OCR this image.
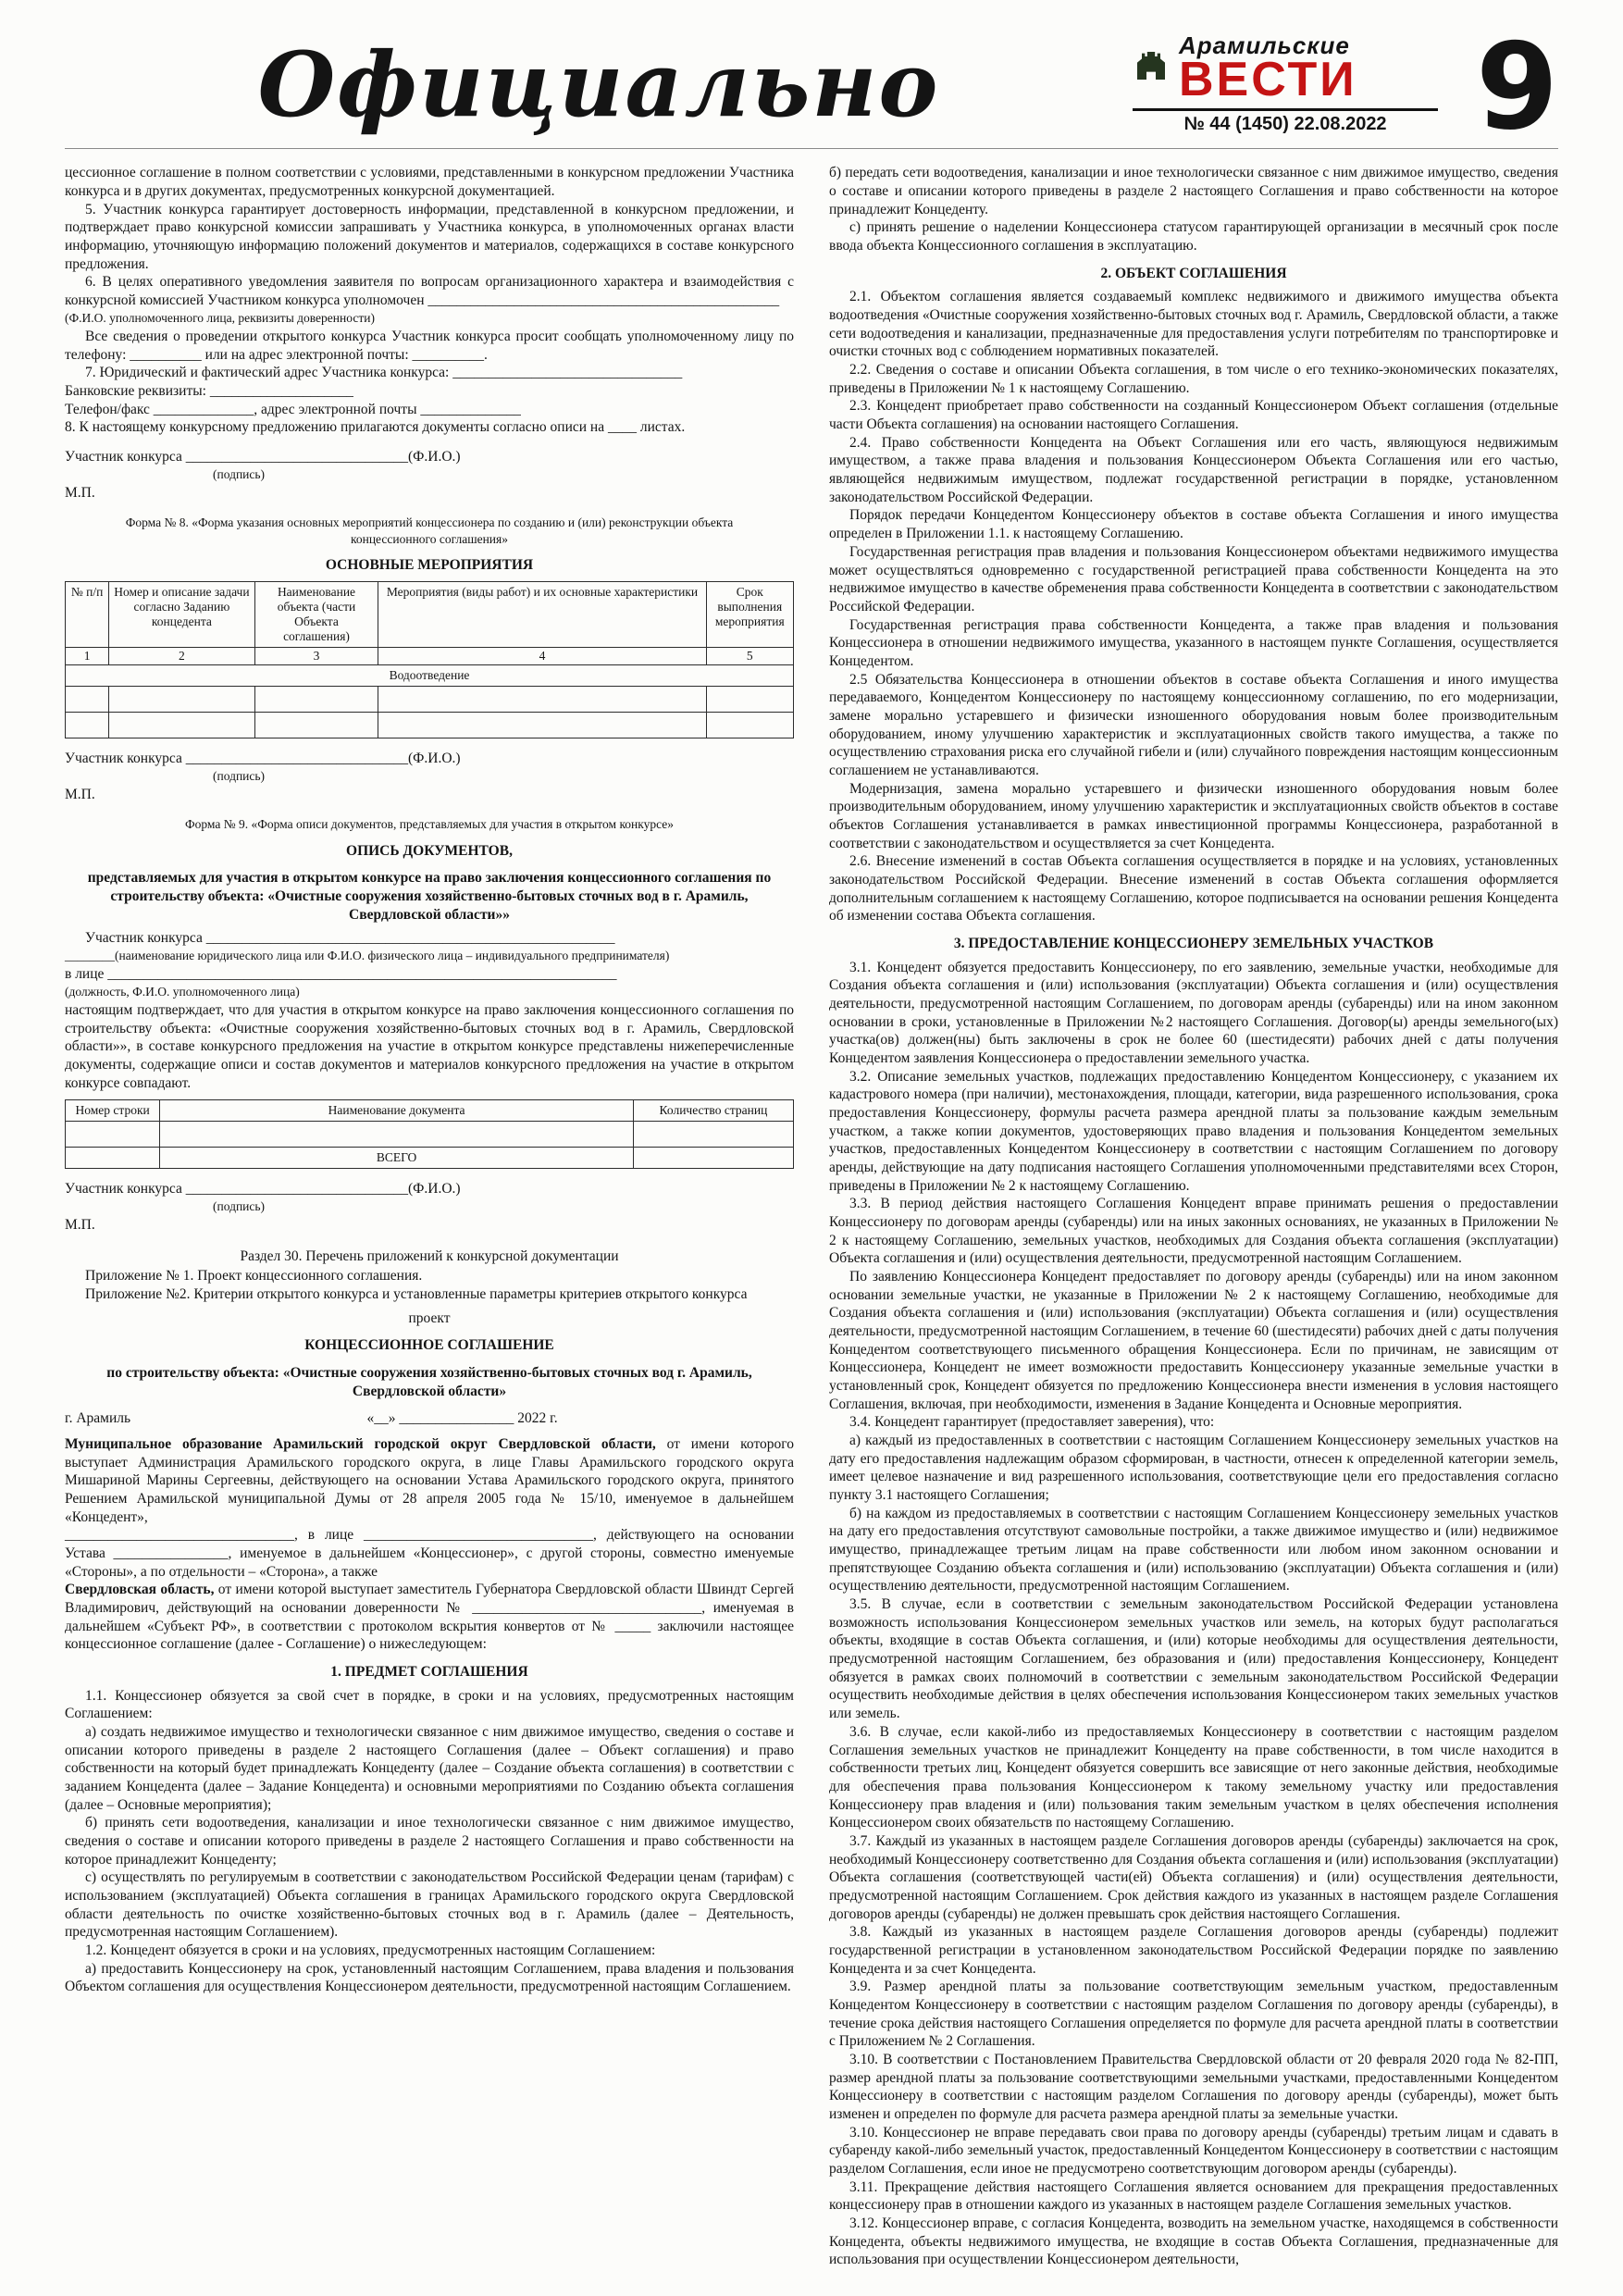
Официально	Арамильские
ВЕСТИ
№ 44 (1450) 22.08.2022 9

цессионное соглашение в полном соответствии с условиями, представленными в конкурсном предложении Участника конкурса и в других документах, предусмотренных конкурсной документацией.

5. Участник конкурса гарантирует достоверность информации, представленной в конкурсном предложении, и подтверждает право конкурсной комиссии запрашивать у Участника конкурса, в уполномоченных органах власти информацию, уточняющую информацию положений документов и материалов, содержащихся в составе конкурсного предложения.

6. В целях оперативного уведомления заявителя по вопросам организационного характера и взаимодействия с конкурсной комиссией Участником конкурса уполномочен _________________________________________________

(Ф.И.О. уполномоченного лица, реквизиты доверенности)

Все сведения о проведении открытого конкурса Участник конкурса просит сообщать уполномоченному лицу по телефону: __________ или на адрес электронной почты: __________.

7. Юридический и фактический адрес Участника конкурса: ________________________________

Банковские реквизиты: ____________________

Телефон/факс ______________, адрес электронной почты ______________

8. К настоящему конкурсному предложению прилагаются документы согласно описи на ____ листах.

Участник конкурса _______________________________(Ф.И.О.)
(подпись)
М.П.

Форма № 8. «Форма указания основных мероприятий концессионера по созданию и (или) реконструкции объекта концессионного соглашения»

ОСНОВНЫЕ МЕРОПРИЯТИЯ

№ п/п	Номер и описание задачи согласно Заданию концедента	Наименование объекта (части Объекта соглашения)	Мероприятия (виды работ) и их основные характеристики	Срок выполнения мероприятия
1	2	3	4	5
Водоотведение				

Участник конкурса _______________________________(Ф.И.О.)
(подпись)
М.П.

Форма № 9. «Форма описи документов, представляемых для участия в открытом конкурсе»

ОПИСЬ ДОКУМЕНТОВ,

представляемых для участия в открытом конкурсе на право заключения концессионного соглашения по строительству объекта: «Очистные сооружения хозяйственно-бытовых сточных вод в г. Арамиль, Свердловской области»»

Участник конкурса _________________________________________________________

________(наименование юридического лица или Ф.И.О. физического лица – индивидуального предпринимателя)

в лице _______________________________________________________________________

(должность, Ф.И.О. уполномоченного лица)

настоящим подтверждает, что для участия в открытом конкурсе на право заключения концессионного соглашения по строительству объекта: «Очистные сооружения хозяйственно-бытовых сточных вод в г. Арамиль, Свердловской области»», в составе конкурсного предложения на участие в открытом конкурсе представлены нижеперечисленные документы, содержащие описи и состав документов и материалов конкурсного предложения на участие в открытом конкурсе совпадают.

Номер строки	Наименование документа	Количество страниц

	ВСЕГО	
Участник конкурса _______________________________(Ф.И.О.)
(подпись)
М.П.

Раздел 30. Перечень приложений к конкурсной документации

Приложение № 1. Проект концессионного соглашения.

Приложение №2. Критерии открытого конкурса и установленные параметры критериев открытого конкурса

проект

КОНЦЕССИОННОЕ СОГЛАШЕНИЕ

по строительству объекта: «Очистные сооружения хозяйственно-бытовых сточных вод г. Арамиль, Свердловской области»

г. Арамиль	«__» ________________ 2022 г.

Муниципальное образование Арамильский городской округ Свердловской области, от имени которого выступает Администрация Арамильского городского округа, в лице Главы Арамильского городского округа Мишариной Марины Сергеевны, действующего на основании Устава Арамильского городского округа, принятого Решением Арамильской муниципальной Думы от 28 апреля 2005 года № 15/10, именуемое в дальнейшем «Концедент»,

________________________________, в лице ________________________________, действующего на основании Устава ________________, именуемое в дальнейшем «Концессионер», с другой стороны, совместно именуемые «Стороны», а по отдельности – «Сторона», а также

Свердловская область, от имени которой выступает заместитель Губернатора Свердловской области Швиндт Сергей Владимирович, действующий на основании доверенности № ________________________________, именуемая в дальнейшем «Субъект РФ», в соответствии с протоколом вскрытия конвертов от № _____ заключили настоящее концессионное соглашение (далее - Соглашение) о нижеследующем:

1. ПРЕДМЕТ СОГЛАШЕНИЯ

1.1. Концессионер обязуется за свой счет в порядке, в сроки и на условиях, предусмотренных настоящим Соглашением:

а) создать недвижимое имущество и технологически связанное с ним движимое имущество, сведения о составе и описании которого приведены в разделе 2 настоящего Соглашения (далее – Объект соглашения) и право собственности на который будет принадлежать Концеденту (далее – Создание объекта соглашения) в соответствии с заданием Концедента (далее – Задание Концедента) и основными мероприятиями по Созданию объекта соглашения (далее – Основные мероприятия);

б) принять сети водоотведения, канализации и иное технологически связанное с ним движимое имущество, сведения о составе и описании которого приведены в разделе 2 настоящего Соглашения и право собственности на которое принадлежит Концеденту;

с) осуществлять по регулируемым в соответствии с законодательством Российской Федерации ценам (тарифам) с использованием (эксплуатацией) Объекта соглашения в границах Арамильского городского округа Свердловской области деятельность по очистке хозяйственно-бытовых сточных вод в г. Арамиль (далее – Деятельность, предусмотренная настоящим Соглашением).

1.2. Концедент обязуется в сроки и на условиях, предусмотренных настоящим Соглашением:

а) предоставить Концессионеру на срок, установленный настоящим Соглашением, права владения и пользования Объектом соглашения для осуществления Концессионером деятельности, предусмотренной настоящим Соглашением.

б) передать сети водоотведения, канализации и иное технологически связанное с ним движимое имущество, сведения о составе и описании которого приведены в разделе 2 настоящего Соглашения и право собственности на которое принадлежит Концеденту.

с) принять решение о наделении Концессионера статусом гарантирующей организации в месячный срок после ввода объекта Концессионного соглашения в эксплуатацию.

2. ОБЪЕКТ СОГЛАШЕНИЯ

2.1. Объектом соглашения является создаваемый комплекс недвижимого и движимого имущества объекта водоотведения «Очистные сооружения хозяйственно-бытовых сточных вод г. Арамиль, Свердловской области, а также сети водоотведения и канализации, предназначенные для предоставления услуги потребителям по транспортировке и очистки сточных вод с соблюдением нормативных показателей.

2.2. Сведения о составе и описании Объекта соглашения, в том числе о его технико-экономических показателях, приведены в Приложении № 1 к настоящему Соглашению.

2.3. Концедент приобретает право собственности на созданный Концессионером Объект соглашения (отдельные части Объекта соглашения) на основании настоящего Соглашения.

2.4. Право собственности Концедента на Объект Соглашения или его часть, являющуюся недвижимым имуществом, а также права владения и пользования Концессионером Объекта Соглашения или его частью, являющейся недвижимым имуществом, подлежат государственной регистрации в порядке, установленном законодательством Российской Федерации.

Порядок передачи Концедентом Концессионеру объектов в составе объекта Соглашения и иного имущества определен в Приложении 1.1. к настоящему Соглашению.

Государственная регистрация прав владения и пользования Концессионером объектами недвижимого имущества может осуществляться одновременно с государственной регистрацией права собственности Концедента на это недвижимое имущество в качестве обременения права собственности Концедента в соответствии с законодательством Российской Федерации.

Государственная регистрация права собственности Концедента, а также прав владения и пользования Концессионера в отношении недвижимого имущества, указанного в настоящем пункте Соглашения, осуществляется Концедентом.

2.5 Обязательства Концессионера в отношении объектов в составе объекта Соглашения и иного имущества передаваемого, Концедентом Концессионеру по настоящему концессионному соглашению, по его модернизации, замене морально устаревшего и физически изношенного оборудования новым более производительным оборудованием, иному улучшению характеристик и эксплуатационных свойств такого имущества, а также по осуществлению страхования риска его случайной гибели и (или) случайного повреждения настоящим концессионным соглашением не устанавливаются.

Модернизация, замена морально устаревшего и физически изношенного оборудования новым более производительным оборудованием, иному улучшению характеристик и эксплуатационных свойств объектов в составе объектов Соглашения устанавливается в рамках инвестиционной программы Концессионера, разработанной в соответствии с законодательством и осуществляется за счет Концедента.

2.6. Внесение изменений в состав Объекта соглашения осуществляется в порядке и на условиях, установленных законодательством Российской Федерации. Внесение изменений в состав Объекта соглашения оформляется дополнительным соглашением к настоящему Соглашению, которое подписывается на основании решения Концедента об изменении состава Объекта соглашения.

3. ПРЕДОСТАВЛЕНИЕ КОНЦЕССИОНЕРУ ЗЕМЕЛЬНЫХ УЧАСТКОВ

3.1. Концедент обязуется предоставить Концессионеру, по его заявлению, земельные участки, необходимые для Создания объекта соглашения и (или) использования (эксплуатации) Объекта соглашения и (или) осуществления деятельности, предусмотренной настоящим Соглашением, по договорам аренды (субаренды) или на ином законном основании в сроки, установленные в Приложении №2 настоящего Соглашения. Договор(ы) аренды земельного(ых) участка(ов) должен(ны) быть заключены в срок не более 60 (шестидесяти) рабочих дней с даты получения Концедентом заявления Концессионера о предоставлении земельного участка.

3.2. Описание земельных участков, подлежащих предоставлению Концедентом Концессионеру, с указанием их кадастрового номера (при наличии), местонахождения, площади, категории, вида разрешенного использования, срока предоставления Концессионеру, формулы расчета размера арендной платы за пользование каждым земельным участком, а также копии документов, удостоверяющих право владения и пользования Концедентом земельных участков, предоставленных Концедентом Концессионеру в соответствии с настоящим Соглашением по договору аренды, действующие на дату подписания настоящего Соглашения уполномоченными представителями всех Сторон, приведены в Приложении № 2 к настоящему Соглашению.

3.3. В период действия настоящего Соглашения Концедент вправе принимать решения о предоставлении Концессионеру по договорам аренды (субаренды) или на иных законных основаниях, не указанных в Приложении № 2 к настоящему Соглашению, земельных участков, необходимых для Создания объекта соглашения (эксплуатации) Объекта соглашения и (или) осуществления деятельности, предусмотренной настоящим Соглашением.

По заявлению Концессионера Концедент предоставляет по договору аренды (субаренды) или на ином законном основании земельные участки, не указанные в Приложении № 2 к настоящему Соглашению, необходимые для Создания объекта соглашения и (или) использования (эксплуатации) Объекта соглашения и (или) осуществления деятельности, предусмотренной настоящим Соглашением, в течение 60 (шестидесяти) рабочих дней с даты получения Концедентом соответствующего письменного обращения Концессионера. Если по причинам, не зависящим от Концессионера, Концедент не имеет возможности предоставить Концессионеру указанные земельные участки в установленный срок, Концедент обязуется по предложению Концессионера внести изменения в условия настоящего Соглашения, включая, при необходимости, изменения в Задание Концедента и Основные мероприятия.

3.4. Концедент гарантирует (предоставляет заверения), что:

а) каждый из предоставленных в соответствии с настоящим Соглашением Концессионеру земельных участков на дату его предоставления надлежащим образом сформирован, в частности, отнесен к определенной категории земель, имеет целевое назначение и вид разрешенного использования, соответствующие цели его предоставления согласно пункту 3.1 настоящего Соглашения;

б) на каждом из предоставляемых в соответствии с настоящим Соглашением Концессионеру земельных участков на дату его предоставления отсутствуют самовольные постройки, а также движимое имущество и (или) недвижимое имущество, принадлежащее третьим лицам на праве собственности или любом ином законном основании и препятствующее Созданию объекта соглашения и (или) использованию (эксплуатации) Объекта соглашения и (или) осуществлению деятельности, предусмотренной настоящим Соглашением.

3.5. В случае, если в соответствии с земельным законодательством Российской Федерации установлена возможность использования Концессионером земельных участков или земель, на которых будут располагаться объекты, входящие в состав Объекта соглашения, и (или) которые необходимы для осуществления деятельности, предусмотренной настоящим Соглашением, без образования и (или) предоставления Концессионеру, Концедент обязуется в рамках своих полномочий в соответствии с земельным законодательством Российской Федерации осуществить необходимые действия в целях обеспечения использования Концессионером таких земельных участков или земель.

3.6. В случае, если какой-либо из предоставляемых Концессионеру в соответствии с настоящим разделом Соглашения земельных участков не принадлежит Концеденту на праве собственности, в том числе находится в собственности третьих лиц, Концедент обязуется совершить все зависящие от него законные действия, необходимые для обеспечения права пользования Концессионером к такому земельному участку или предоставления Концессионеру прав владения и (или) пользования таким земельным участком в целях обеспечения исполнения Концессионером своих обязательств по настоящему Соглашению.

3.7. Каждый из указанных в настоящем разделе Соглашения договоров аренды (субаренды) заключается на срок, необходимый Концессионеру соответственно для Создания объекта соглашения и (или) использования (эксплуатации) Объекта соглашения (соответствующей части(ей) Объекта соглашения) и (или) осуществления деятельности, предусмотренной настоящим Соглашением. Срок действия каждого из указанных в настоящем разделе Соглашения договоров аренды (субаренды) не должен превышать срок действия настоящего Соглашения.

3.8. Каждый из указанных в настоящем разделе Соглашения договоров аренды (субаренды) подлежит государственной регистрации в установленном законодательством Российской Федерации порядке по заявлению Концедента и за счет Концедента.

3.9. Размер арендной платы за пользование соответствующим земельным участком, предоставленным Концедентом Концессионеру в соответствии с настоящим разделом Соглашения по договору аренды (субаренды), в течение срока действия настоящего Соглашения определяется по формуле для расчета арендной платы в соответствии с Приложением № 2 Соглашения.

3.10. В соответствии с Постановлением Правительства Свердловской области от 20 февраля 2020 года № 82-ПП, размер арендной платы за пользование соответствующими земельными участками, предоставленными Концедентом Концессионеру в соответствии с настоящим разделом Соглашения по договору аренды (субаренды), может быть изменен и определен по формуле для расчета размера арендной платы за земельные участки.

3.10. Концессионер не вправе передавать свои права по договору аренды (субаренды) третьим лицам и сдавать в субаренду какой-либо земельный участок, предоставленный Концедентом Концессионеру в соответствии с настоящим разделом Соглашения, если иное не предусмотрено соответствующим договором аренды (субаренды).

3.11. Прекращение действия настоящего Соглашения является основанием для прекращения предоставленных концессионеру прав в отношении каждого из указанных в настоящем разделе Соглашения земельных участков.

3.12. Концессионер вправе, с согласия Концедента, возводить на земельном участке, находящемся в собственности Концедента, объекты недвижимого имущества, не входящие в состав Объекта Соглашения, предназначенные для использования при осуществлении Концессионером деятельности,
